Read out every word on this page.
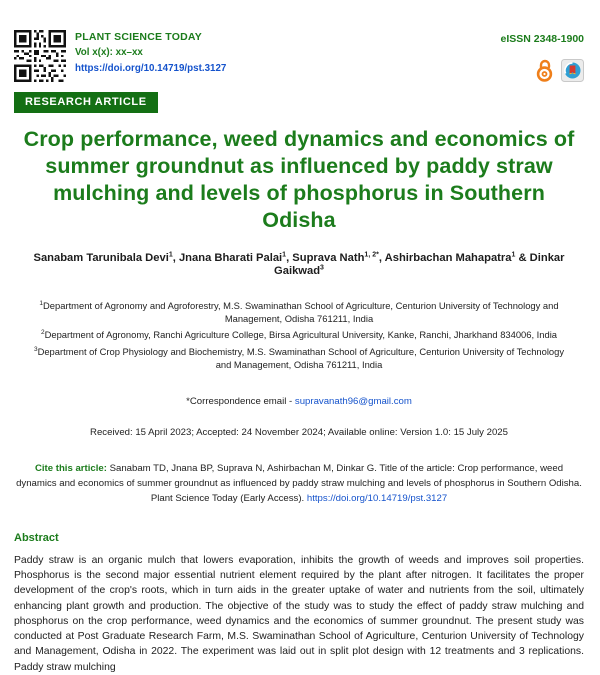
PLANT SCIENCE TODAY
Vol x(x): xx–xx
https://doi.org/10.14719/pst.3127
eISSN 2348-1900
RESEARCH ARTICLE
Crop performance, weed dynamics and economics of summer groundnut as influenced by paddy straw mulching and levels of phosphorus in Southern Odisha
Sanabam Tarunibala Devi$^1$, Jnana Bharati Palai$^1$, Suprava Nath$^{1, 2*}$, Ashirbachan Mahapatra$^1$ & Dinkar Gaikwad$^3$

$^1$Department of Agronomy and Agroforestry, M.S. Swaminathan School of Agriculture, Centurion University of Technology and Management, Odisha 761211, India

$^2$Department of Agronomy, Ranchi Agriculture College, Birsa Agricultural University, Kanke, Ranchi, Jharkhand 834006, India

$^3$Department of Crop Physiology and Biochemistry, M.S. Swaminathan School of Agriculture, Centurion University of Technology and Management, Odisha 761211, India

*Correspondence email - supravanath96@gmail.com
Received: 15 April 2023; Accepted: 24 November 2024; Available online: Version 1.0: 15 July 2025

Cite this article: Sanabam TD, Jnana BP, Suprava N, Ashirbachan M, Dinkar G. Title of the article: Crop performance, weed dynamics and economics of summer groundnut as influenced by paddy straw mulching and levels of phosphorus in Southern Odisha. Plant Science Today (Early Access). https://doi.org/10.14719/pst.3127

Abstract

Paddy straw is an organic mulch that lowers evaporation, inhibits the growth of weeds and improves soil properties. Phosphorus is the second major essential nutrient element required by the plant after nitrogen. It facilitates the proper development of the crop's roots, which in turn aids in the greater uptake of water and nutrients from the soil, ultimately enhancing plant growth and production. The objective of the study was to study the effect of paddy straw mulching and phosphorus on the crop performance, weed dynamics and the economics of summer groundnut. The present study was conducted at Post Graduate Research Farm, M.S. Swaminathan School of Agriculture, Centurion University of Technology and Management, Odisha in 2022. The experiment was laid out in split plot design with 12 treatments and 3 replications. Paddy straw mulching
